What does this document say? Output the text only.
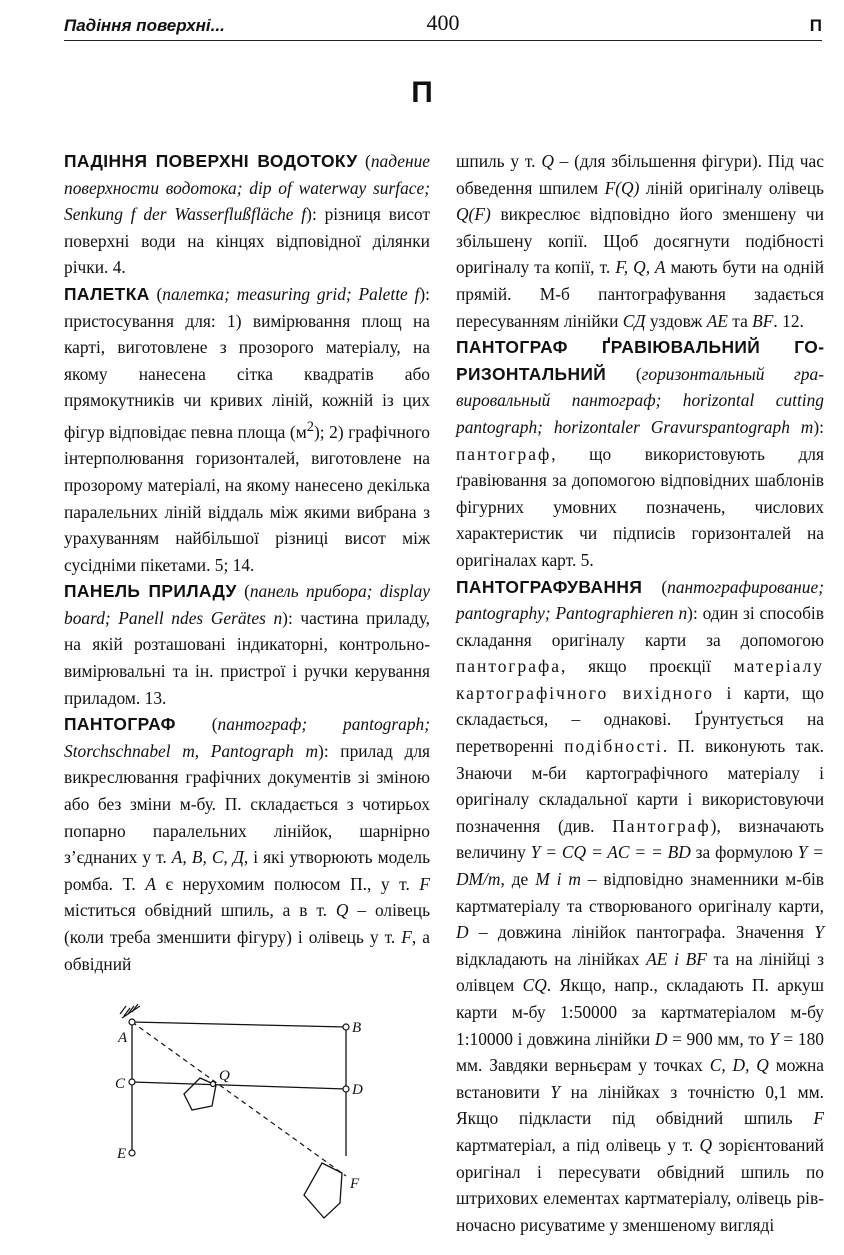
Падіння поверхні...	400	П
П

ПАДІННЯ ПОВЕРХНІ ВОДОТОКУ (падение поверхности водотока; dip of waterway surface; Senkung f der Wasserflußfläche f): різниця висот поверхні води на кінцях відповідної ділянки річки. 4.

ПАЛЕТКА (палетка; measuring grid; Palette f): пристосування для: 1) вимірювання площ на карті, виготовлене з прозорого матеріалу, на якому нанесена сітка квадратів або прямокутників чи кривих ліній, кожній із цих фігур відповідає певна площа $(м^2)$; 2) графічного інтерполювання горизонталей, виготовлене на прозорому матеріалі, на якому нанесено декілька паралельних ліній віддаль між якими вибрана з урахуванням найбільшої різниці висот між сусідніми пікетами. 5; 14.

ПАНЕЛЬ ПРИЛАДУ (панель прибора; display board; Panell ndes Gerätes n): частина приладу, на якій розташовані індикаторні, контрольно-вимірювальні та ін. пристрої і ручки керування приладом. 13.

ПАНТОГРАФ (пантограф; pantograph; Storchschnabel m, Pantograph m): прилад для викреслювання графічних документів зі зміною або без зміни м-бу. П. складається з чотирьох попарно паралельних лінійок, шарнірно з’єднаних у т. А, В, С, Д, і які утворюють модель ромба. Т. А є нерухомим полюсом П., у т. F міститься обвідний шпиль, а в т. Q – олівець (коли треба зменшити фігуру) і олівець у т. F, а обвідний

A
B
C	D
E
Q
F

шпиль у т. Q – (для збільшення фігури). Під час обведення шпилем F(Q) ліній оригіналу олівець Q(F) викреслює відповідно його зменшену чи збільшену копії. Щоб досягнути подібності оригіналу та копії, т. F, Q, A мають бути на одній прямій. М-б пантографування задається пересуванням лінійки СД уздовж АЕ та BF. 12.

ПАНТОГРАФ ҐРАВІЮВАЛЬНИЙ ГОРИЗОНТАЛЬНИЙ (горизонтальный гравировальный пантограф; horizontal cutting pantograph; horizontaler Gravurspantograph m): пантограф, що використовують для ґравіювання за допомогою відповідних шаблонів фігурних умовних позначень, числових характеристик чи підписів горизонталей на оригіналах карт. 5.

ПАНТОГРАФУВАННЯ (пантографирование; pantography; Pantographieren n): один зі способів складання оригіналу карти за допомогою пантографа, якщо проєкції матеріалу картографічного вихідного і карти, що складається, – однакові. Ґрунтується на перетворенні подібності. П. виконують так. Знаючи м-би картографічного матеріалу і оригіналу складальної карти і використовуючи позначення (див. Пантограф), визначають величину Y = CQ = AC = = BD за формулою Y = DM/m, де M і m – відповідно знаменники м-бів картматеріалу та створюваного оригіналу карти, D – довжина лінійок пантографа. Значення Y відкладають на лінійках АЕ і BF та на лінійці з олівцем CQ. Якщо, напр., складають П. аркуш карти м-бу 1:50000 за картматеріалом м-бу 1:10000 і довжина лінійки D = 900 мм, то Y = 180 мм. Завдяки верньєрам у точках С, D, Q можна встановити Y на лінійках з точністю 0,1 мм. Якщо підкласти під обвідний шпиль F картматеріал, а під олівець у т. Q зорієнтований оригінал і пересувати обвідний шпиль по штрихових елементах картматеріалу, олівець рівночасно рисуватиме у зменшеному вигляді
